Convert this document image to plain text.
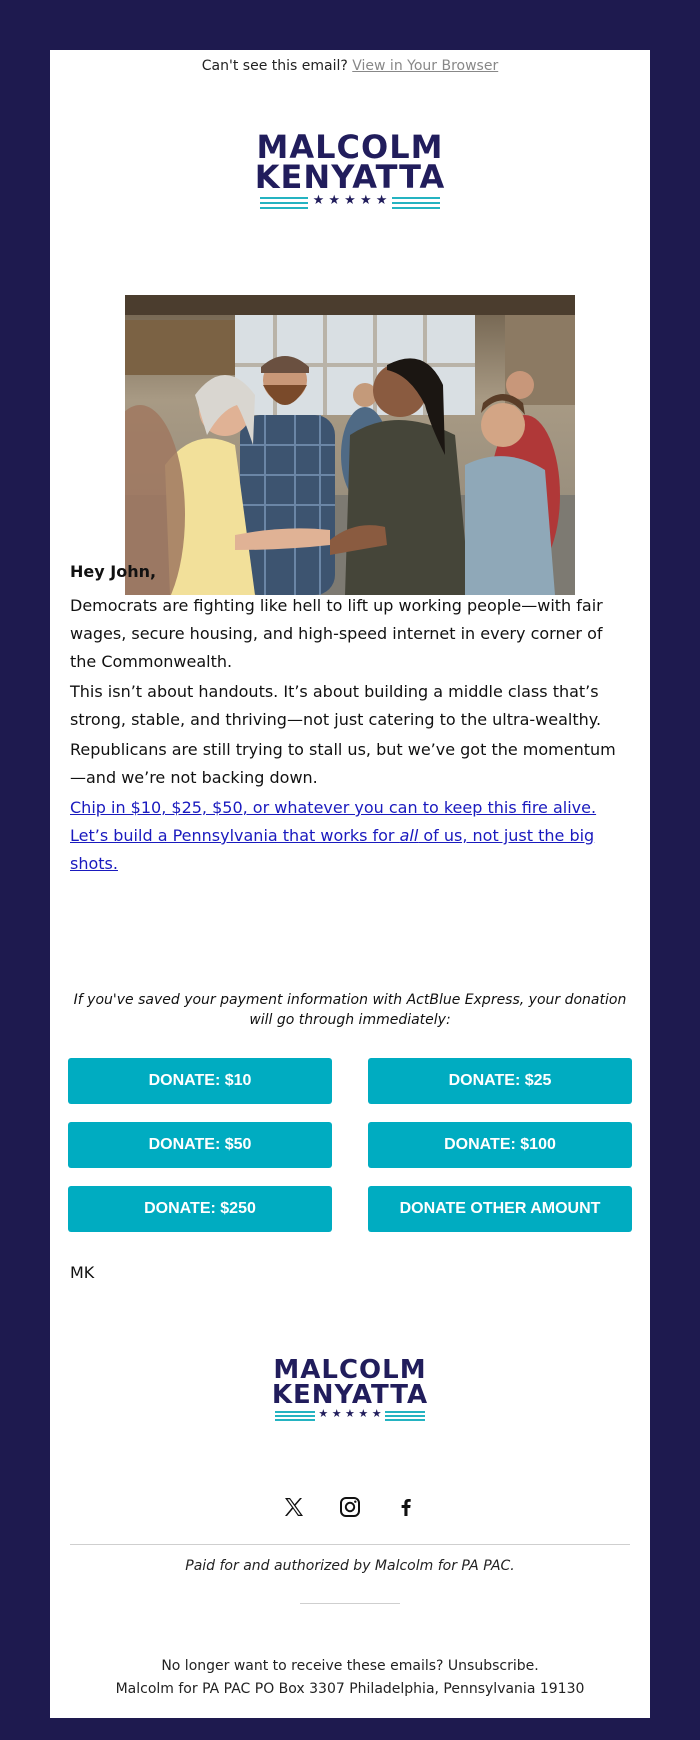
Can't see this email? View in Your Browser
MALCOLM
KENYATTA
★ ★ ★ ★ ★
Hey John,
Democrats are fighting like hell to lift up working people—with fair wages, secure housing, and high-speed internet in every corner of the Commonwealth.
This isn’t about handouts. It’s about building a middle class that’s strong, stable, and thriving—not just catering to the ultra-wealthy.
Republicans are still trying to stall us, but we’ve got the momentum—and we’re not backing down.
Chip in $10, $25, $50, or whatever you can to keep this fire alive. Let’s build a Pennsylvania that works for all of us, not just the big shots.
If you've saved your payment information with ActBlue Express, your donation will go through immediately:
DONATE: $10	DONATE: $25
DONATE: $50	DONATE: $100
DONATE: $250	DONATE OTHER AMOUNT
MK
MALCOLM
KENYATTA
★ ★ ★ ★ ★
Paid for and authorized by Malcolm for PA PAC.
No longer want to receive these emails? Unsubscribe.
Malcolm for PA PAC PO Box 3307 Philadelphia, Pennsylvania 19130
